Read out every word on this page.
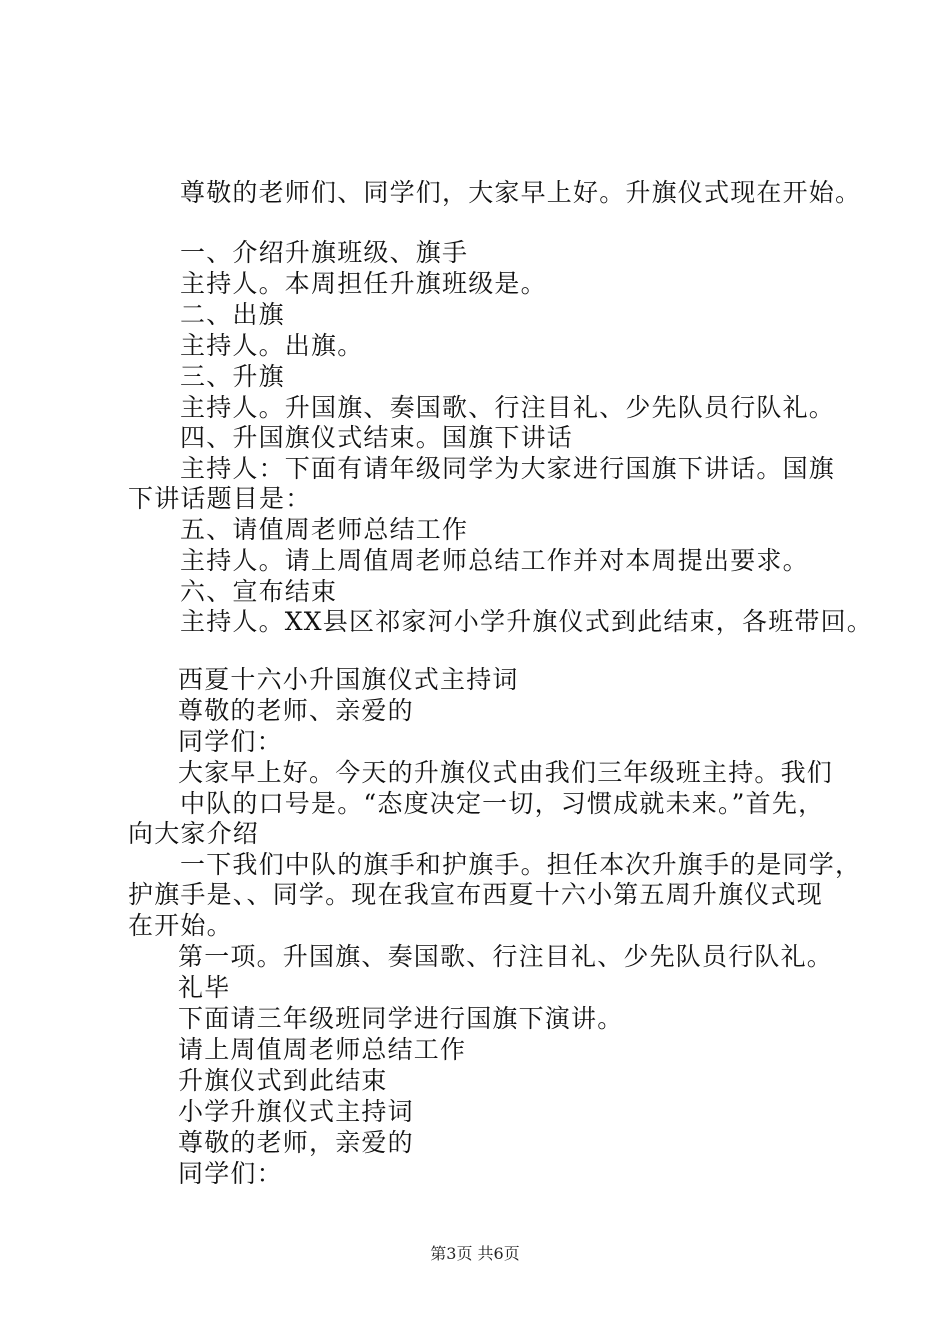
尊敬的老师们、同学们，大家早上好。升旗仪式现在开始。
一、介绍升旗班级、旗手
主持人。本周担任升旗班级是。
二、出旗
主持人。出旗。
三、升旗
主持人。升国旗、奏国歌、行注目礼、少先队员行队礼。
四、升国旗仪式结束。国旗下讲话
主持人：下面有请年级同学为大家进行国旗下讲话。国旗
下讲话题目是：
五、请值周老师总结工作
主持人。请上周值周老师总结工作并对本周提出要求。
六、宣布结束
主持人。XX县区祁家河小学升旗仪式到此结束，各班带回。
西夏十六小升国旗仪式主持词
尊敬的老师、亲爱的
同学们：
大家早上好。今天的升旗仪式由我们三年级班主持。我们
中队的口号是。“态度决定一切，习惯成就未来。”首先，
向大家介绍
一下我们中队的旗手和护旗手。担任本次升旗手的是同学，
护旗手是、、同学。现在我宣布西夏十六小第五周升旗仪式现
在开始。
第一项。升国旗、奏国歌、行注目礼、少先队员行队礼。
礼毕
下面请三年级班同学进行国旗下演讲。
请上周值周老师总结工作
升旗仪式到此结束
小学升旗仪式主持词
尊敬的老师，亲爱的
同学们：
第3页 共6页
